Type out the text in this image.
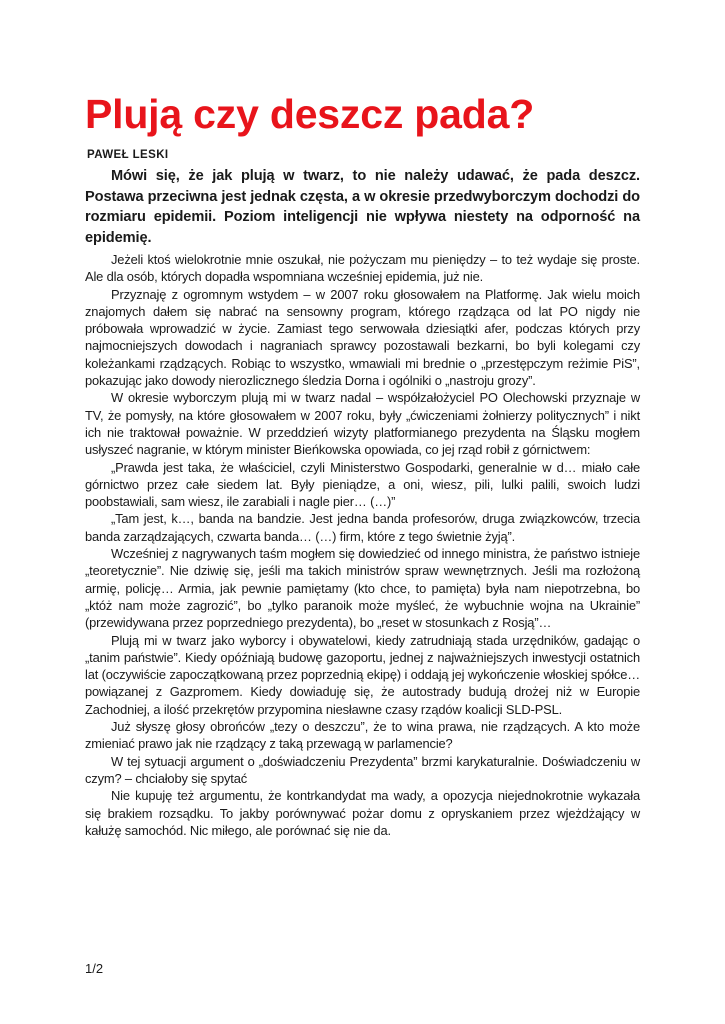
Plują czy deszcz pada?
PAWEŁ LESKI

Mówi się, że jak plują w twarz, to nie należy udawać, że pada deszcz. Postawa przeciwna jest jednak częsta, a w okresie przedwyborczym dochodzi do rozmiaru epidemii. Poziom inteligencji nie wpływa niestety na odporność na epidemię.

Jeżeli ktoś wielokrotnie mnie oszukał, nie pożyczam mu pieniędzy – to też wydaje się proste. Ale dla osób, których dopadła wspomniana wcześniej epidemia, już nie.

Przyznaję z ogromnym wstydem – w 2007 roku głosowałem na Platformę. Jak wielu moich znajomych dałem się nabrać na sensowny program, którego rządząca od lat PO nigdy nie próbowała wprowadzić w życie. Zamiast tego serwowała dziesiątki afer, podczas których przy najmocniejszych dowodach i nagraniach sprawcy pozostawali bezkarni, bo byli kolegami czy koleżankami rządzących. Robiąc to wszystko, wmawiali mi brednie o „przestępczym reżimie PiS”, pokazując jako dowody nierozlicznego śledzia Dorna i ogólniki o „nastroju grozy”.

W okresie wyborczym plują mi w twarz nadal – współzałożyciel PO Olechowski przyznaje w TV, że pomysły, na które głosowałem w 2007 roku, były „ćwiczeniami żołnierzy politycznych” i nikt ich nie traktował poważnie. W przeddzień wizyty platformianego prezydenta na Śląsku mogłem usłyszeć nagranie, w którym minister Bieńkowska opowiada, co jej rząd robił z górnictwem:

„Prawda jest taka, że właściciel, czyli Ministerstwo Gospodarki, generalnie w d… miało całe górnictwo przez całe siedem lat. Były pieniądze, a oni, wiesz, pili, lulki palili, swoich ludzi poobstawiali, sam wiesz, ile zarabiali i nagle pier… (…)”

„Tam jest, k…, banda na bandzie. Jest jedna banda profesorów, druga związkowców, trzecia banda zarządzających, czwarta banda… (…) firm, które z tego świetnie żyją”.

Wcześniej z nagrywanych taśm mogłem się dowiedzieć od innego ministra, że państwo istnieje „teoretycznie”. Nie dziwię się, jeśli ma takich ministrów spraw wewnętrznych. Jeśli ma rozłożoną armię, policję… Armia, jak pewnie pamiętamy (kto chce, to pamięta) była nam niepotrzebna, bo „któż nam może zagrozić”, bo „tylko paranoik może myśleć, że wybuchnie wojna na Ukrainie” (przewidywana przez poprzedniego prezydenta), bo „reset w stosunkach z Rosją”…

Plują mi w twarz jako wyborcy i obywatelowi, kiedy zatrudniają stada urzędników, gadając o „tanim państwie”. Kiedy opóźniają budowę gazoportu, jednej z najważniejszych inwestycji ostatnich lat (oczywiście zapoczątkowaną przez poprzednią ekipę) i oddają jej wykończenie włoskiej spółce… powiązanej z Gazpromem. Kiedy dowiaduję się, że autostrady budują drożej niż w Europie Zachodniej, a ilość przekrętów przypomina niesławne czasy rządów koalicji SLD-PSL.

Już słyszę głosy obrońców „tezy o deszczu”, że to wina prawa, nie rządzących. A kto może zmieniać prawo jak nie rządzący z taką przewagą w parlamencie?

W tej sytuacji argument o „doświadczeniu Prezydenta” brzmi karykaturalnie. Doświadczeniu w czym? – chciałoby się spytać

Nie kupuję też argumentu, że kontrkandydat ma wady, a opozycja niejednokrotnie wykazała się brakiem rozsądku. To jakby porównywać pożar domu z opryskaniem przez wjeżdżający w kałużę samochód. Nic miłego, ale porównać się nie da.

1/2
